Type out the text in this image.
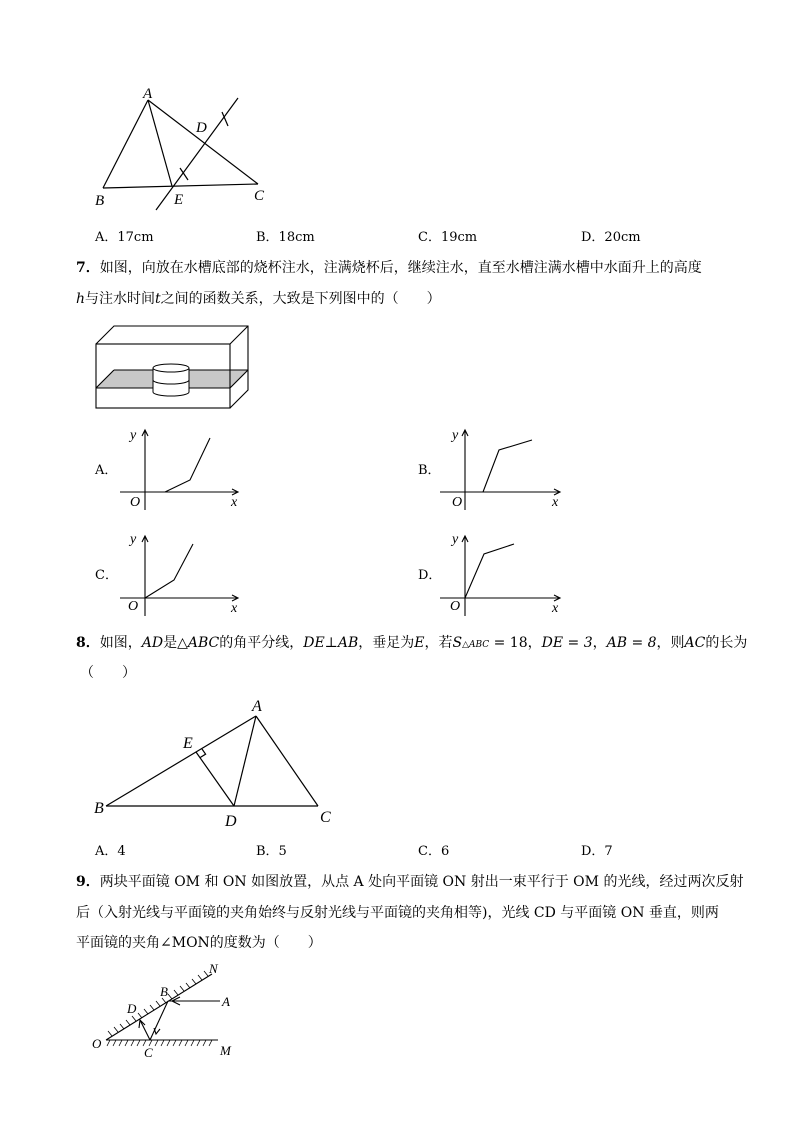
A
D
B	E	C
A．17cm	B．18cm	C．19cm	D．20cm
7．如图，向放在水槽底部的烧杯注水，注满烧杯后，继续注水，直至水槽注满水槽中水面升上的高度
h与注水时间t之间的函数关系，大致是下列图中的（　　）
A．
y
O	x
B．
y
O	x
C．
y
O	x
D．
y
O	x
8．如图，AD是△ABC的角平分线，DE⊥AB，垂足为E，若S△ABC = 18，DE = 3，AB = 8，则AC的长为
（　　）
A
E
B
D	C
A．4	B．5	C．6	D．7
9．两块平面镜 OM 和 ON 如图放置，从点 A 处向平面镜 ON 射出一束平行于 OM 的光线，经过两次反射
后（入射光线与平面镜的夹角始终与反射光线与平面镜的夹角相等)，光线 CD 与平面镜 ON 垂直，则两
平面镜的夹角∠MON的度数为（　　）
N
A
B
D
O
C	M
